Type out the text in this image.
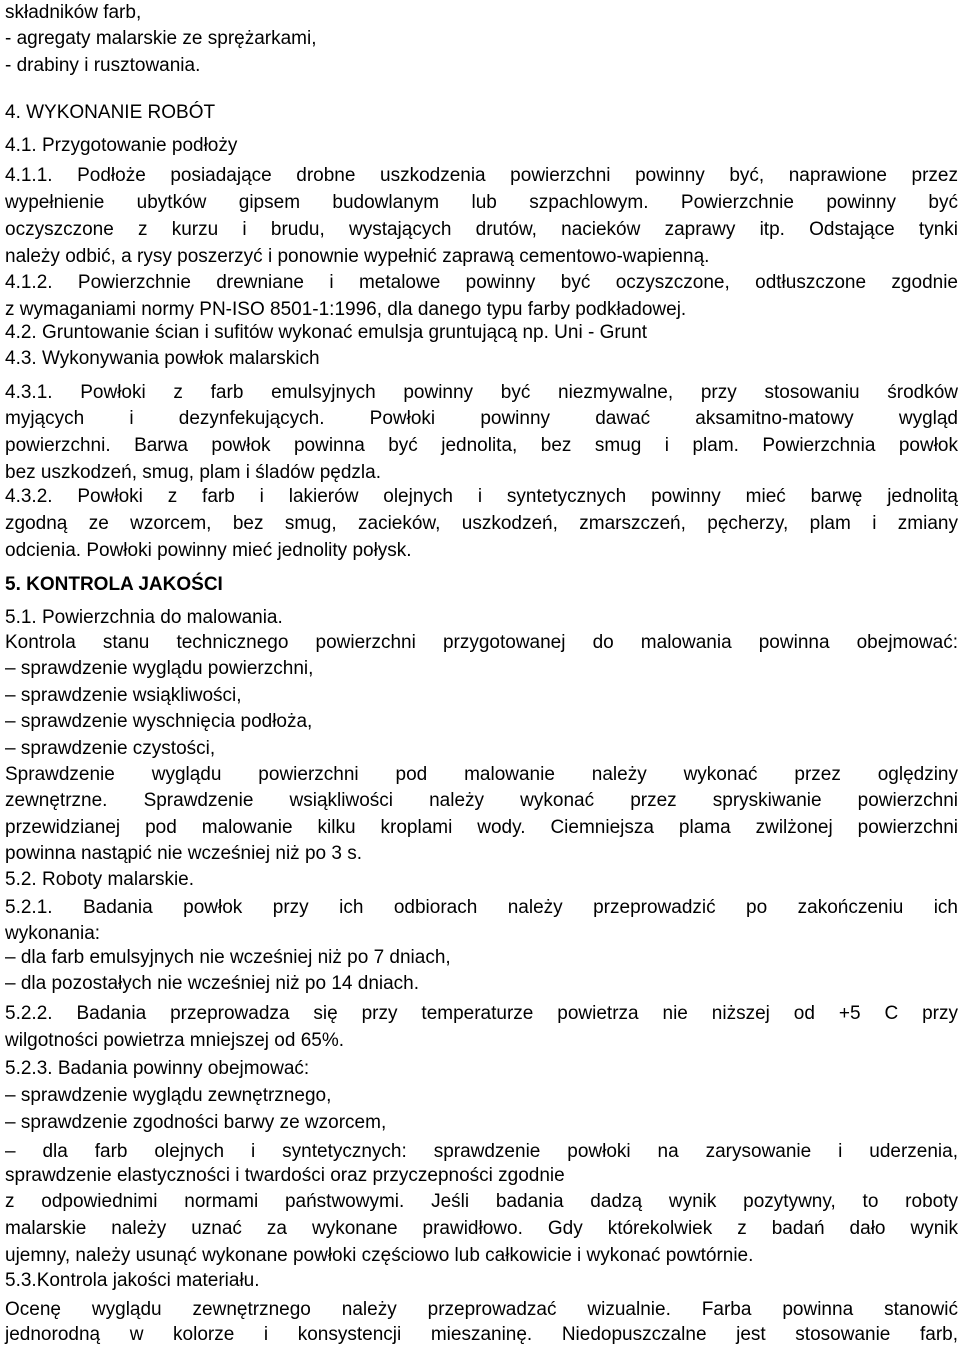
składników farb,
- agregaty malarskie ze sprężarkami,
- drabiny i rusztowania.
4. WYKONANIE ROBÓT
4.1. Przygotowanie podłoży
4.1.1. Podłoże posiadające drobne uszkodzenia powierzchni powinny być, naprawione przez
wypełnienie ubytków gipsem budowlanym lub szpachlowym. Powierzchnie powinny być
oczyszczone z kurzu i brudu, wystających drutów, nacieków zaprawy itp. Odstające tynki
należy odbić, a rysy poszerzyć i ponownie wypełnić zaprawą cementowo-wapienną.
4.1.2. Powierzchnie drewniane i metalowe powinny być oczyszczone, odtłuszczone zgodnie
z wymaganiami normy PN-ISO 8501-1:1996, dla danego typu farby podkładowej.
4.2. Gruntowanie ścian i sufitów wykonać emulsja gruntującą np. Uni - Grunt
4.3. Wykonywania powłok malarskich
4.3.1. Powłoki z farb emulsyjnych powinny być niezmywalne, przy stosowaniu środków
myjących i dezynfekujących. Powłoki powinny dawać aksamitno-matowy wygląd
powierzchni. Barwa powłok powinna być jednolita, bez smug i plam. Powierzchnia powłok
bez uszkodzeń, smug, plam i śladów pędzla.
4.3.2. Powłoki z farb i lakierów olejnych i syntetycznych powinny mieć barwę jednolitą
zgodną ze wzorcem, bez smug, zacieków, uszkodzeń, zmarszczeń, pęcherzy, plam i zmiany
odcienia. Powłoki powinny mieć jednolity połysk.
5. KONTROLA JAKOŚCI
5.1. Powierzchnia do malowania.
Kontrola stanu technicznego powierzchni przygotowanej do malowania powinna obejmować:
– sprawdzenie wyglądu powierzchni,
– sprawdzenie wsiąkliwości,
– sprawdzenie wyschnięcia podłoża,
– sprawdzenie czystości,
Sprawdzenie wyglądu powierzchni pod malowanie należy wykonać przez oględziny
zewnętrzne. Sprawdzenie wsiąkliwości należy wykonać przez spryskiwanie powierzchni
przewidzianej pod malowanie kilku kroplami wody. Ciemniejsza plama zwilżonej powierzchni
powinna nastąpić nie wcześniej niż po 3 s.
5.2. Roboty malarskie.
5.2.1. Badania powłok przy ich odbiorach należy przeprowadzić po zakończeniu ich
wykonania:
– dla farb emulsyjnych nie wcześniej niż po 7 dniach,
– dla pozostałych nie wcześniej niż po 14 dniach.
5.2.2. Badania przeprowadza się przy temperaturze powietrza nie niższej od +5 C przy
wilgotności powietrza mniejszej od 65%.
5.2.3. Badania powinny obejmować:
– sprawdzenie wyglądu zewnętrznego,
– sprawdzenie zgodności barwy ze wzorcem,
– dla farb olejnych i syntetycznych: sprawdzenie powłoki na zarysowanie i uderzenia,
sprawdzenie elastyczności i twardości oraz przyczepności zgodnie
z odpowiednimi normami państwowymi. Jeśli badania dadzą wynik pozytywny, to roboty
malarskie należy uznać za wykonane prawidłowo. Gdy którekolwiek z badań dało wynik
ujemny, należy usunąć wykonane powłoki częściowo lub całkowicie i wykonać powtórnie.
5.3.Kontrola jakości materiału.
Ocenę wyglądu zewnętrznego należy przeprowadzać wizualnie. Farba powinna stanowić
jednorodną w kolorze i konsystencji mieszaninę. Niedopuszczalne jest stosowanie farb,
